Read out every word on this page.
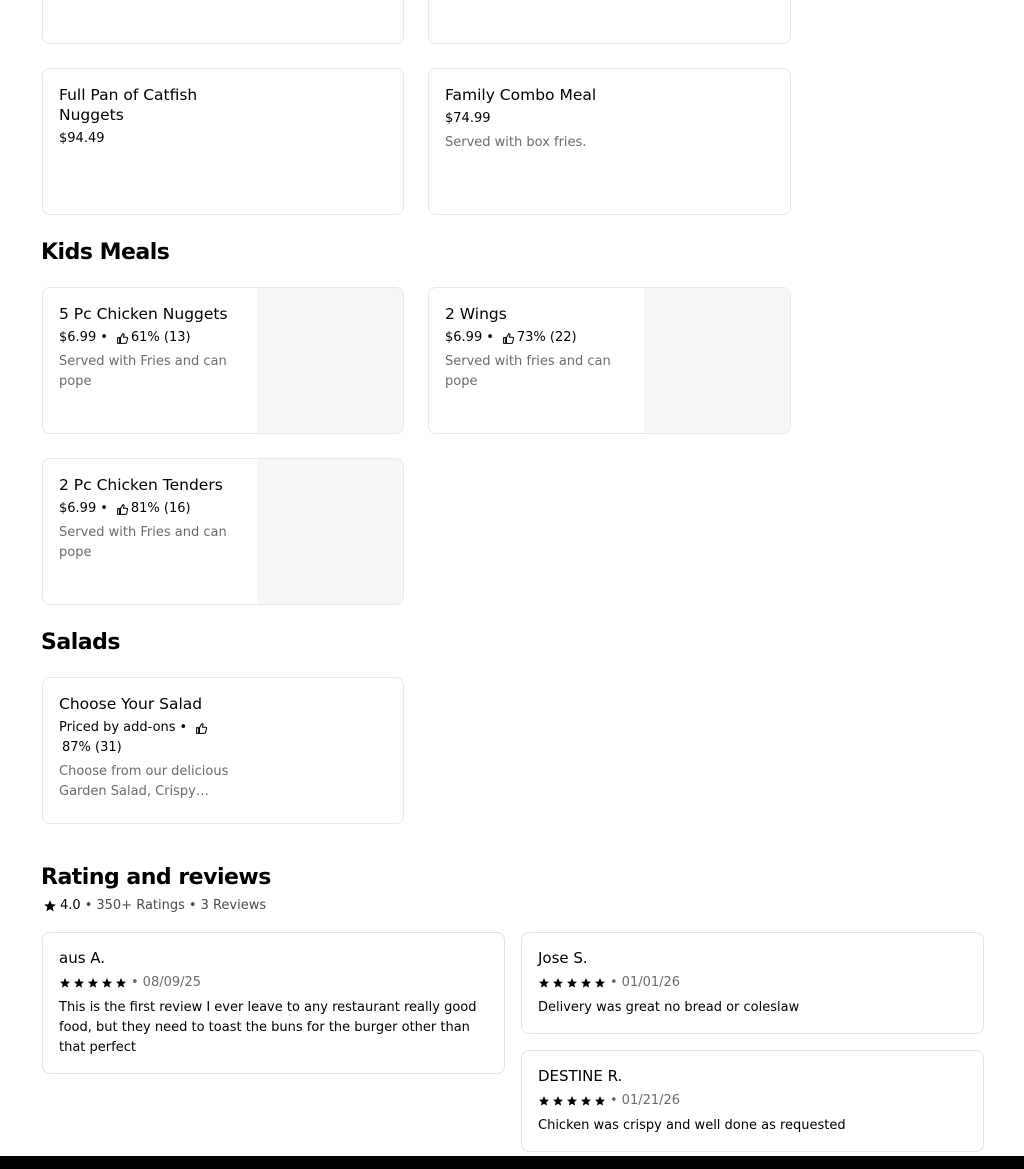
Full Pan of Catfish Nuggets
$94.49
Family Combo Meal
$74.99
Served with box fries.
Kids Meals
5 Pc Chicken Nuggets
$6.99 • 61% (13)
Served with Fries and can pope
2 Wings
$6.99 • 73% (22)
Served with fries and can pope
2 Pc Chicken Tenders
$6.99 • 81% (16)
Served with Fries and can pope
Salads
Choose Your Salad
Priced by add-ons •
87% (31)
Choose from our delicious Garden Salad, Crispy…
Rating and reviews
4.0 • 350+ Ratings • 3 Reviews
aus A.
• 08/09/25
This is the first review I ever leave to any restaurant really good food, but they need to toast the buns for the burger other than that perfect
Jose S.
• 01/01/26
Delivery was great no bread or coleslaw
DESTINE R.
• 01/21/26
Chicken was crispy and well done as requested
